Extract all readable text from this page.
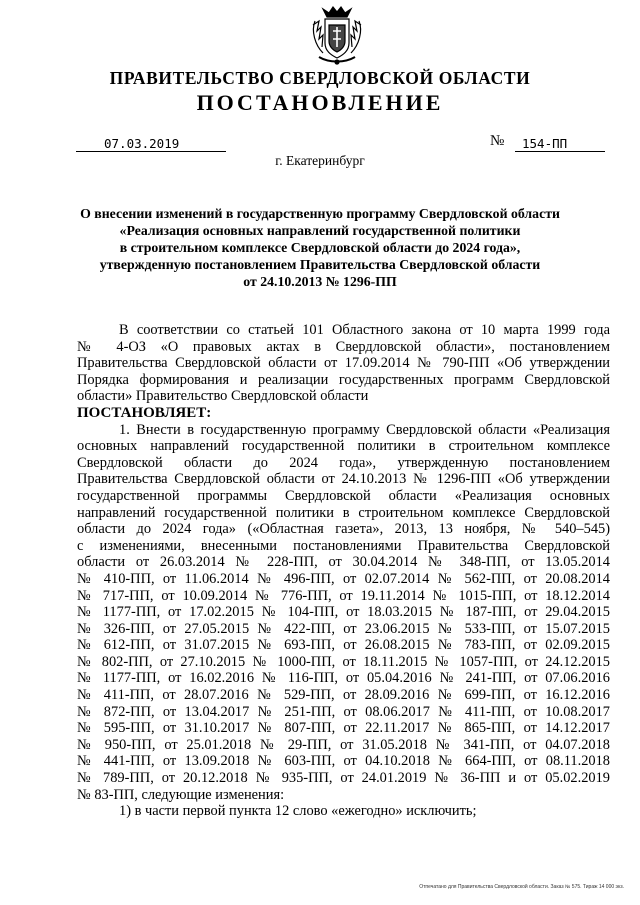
ПРАВИТЕЛЬСТВО СВЕРДЛОВСКОЙ ОБЛАСТИ
ПОСТАНОВЛЕНИЕ
07.03.2019	№ 154-ПП
г. Екатеринбург
О внесении изменений в государственную программу Свердловской области
«Реализация основных направлений государственной политики
в строительном комплексе Свердловской области до 2024 года»,
утвержденную постановлением Правительства Свердловской области
от 24.10.2013 № 1296-ПП
В соответствии со статьей 101 Областного закона от 10 марта 1999 года
№ 4-ОЗ «О правовых актах в Свердловской области», постановлением
Правительства Свердловской области от 17.09.2014 № 790-ПП «Об утверждении
Порядка формирования и реализации государственных программ Свердловской
области» Правительство Свердловской области
ПОСТАНОВЛЯЕТ:
1. Внести в государственную программу Свердловской области «Реализация
основных направлений государственной политики в строительном комплексе
Свердловской области до 2024 года», утвержденную постановлением
Правительства Свердловской области от 24.10.2013 № 1296-ПП «Об утверждении
государственной программы Свердловской области «Реализация основных
направлений государственной политики в строительном комплексе Свердловской
области до 2024 года» («Областная газета», 2013, 13 ноября, № 540–545)
с изменениями, внесенными постановлениями Правительства Свердловской
области от 26.03.2014 № 228-ПП, от 30.04.2014 № 348-ПП, от 13.05.2014
№ 410-ПП, от 11.06.2014 № 496-ПП, от 02.07.2014 № 562-ПП, от 20.08.2014
№ 717-ПП, от 10.09.2014 № 776-ПП, от 19.11.2014 № 1015-ПП, от 18.12.2014
№ 1177-ПП, от 17.02.2015 № 104-ПП, от 18.03.2015 № 187-ПП, от 29.04.2015
№ 326-ПП, от 27.05.2015 № 422-ПП, от 23.06.2015 № 533-ПП, от 15.07.2015
№ 612-ПП, от 31.07.2015 № 693-ПП, от 26.08.2015 № 783-ПП, от 02.09.2015
№ 802-ПП, от 27.10.2015 № 1000-ПП, от 18.11.2015 № 1057-ПП, от 24.12.2015
№ 1177-ПП, от 16.02.2016 № 116-ПП, от 05.04.2016 № 241-ПП, от 07.06.2016
№ 411-ПП, от 28.07.2016 № 529-ПП, от 28.09.2016 № 699-ПП, от 16.12.2016
№ 872-ПП, от 13.04.2017 № 251-ПП, от 08.06.2017 № 411-ПП, от 10.08.2017
№ 595-ПП, от 31.10.2017 № 807-ПП, от 22.11.2017 № 865-ПП, от 14.12.2017
№ 950-ПП, от 25.01.2018 № 29-ПП, от 31.05.2018 № 341-ПП, от 04.07.2018
№ 441-ПП, от 13.09.2018 № 603-ПП, от 04.10.2018 № 664-ПП, от 08.11.2018
№ 789-ПП, от 20.12.2018 № 935-ПП, от 24.01.2019 № 36-ПП и от 05.02.2019
№ 83-ПП, следующие изменения:
1) в части первой пункта 12 слово «ежегодно» исключить;
Отпечатано для Правительства Свердловской области. Заказ № 575. Тираж 14 000 экз.
